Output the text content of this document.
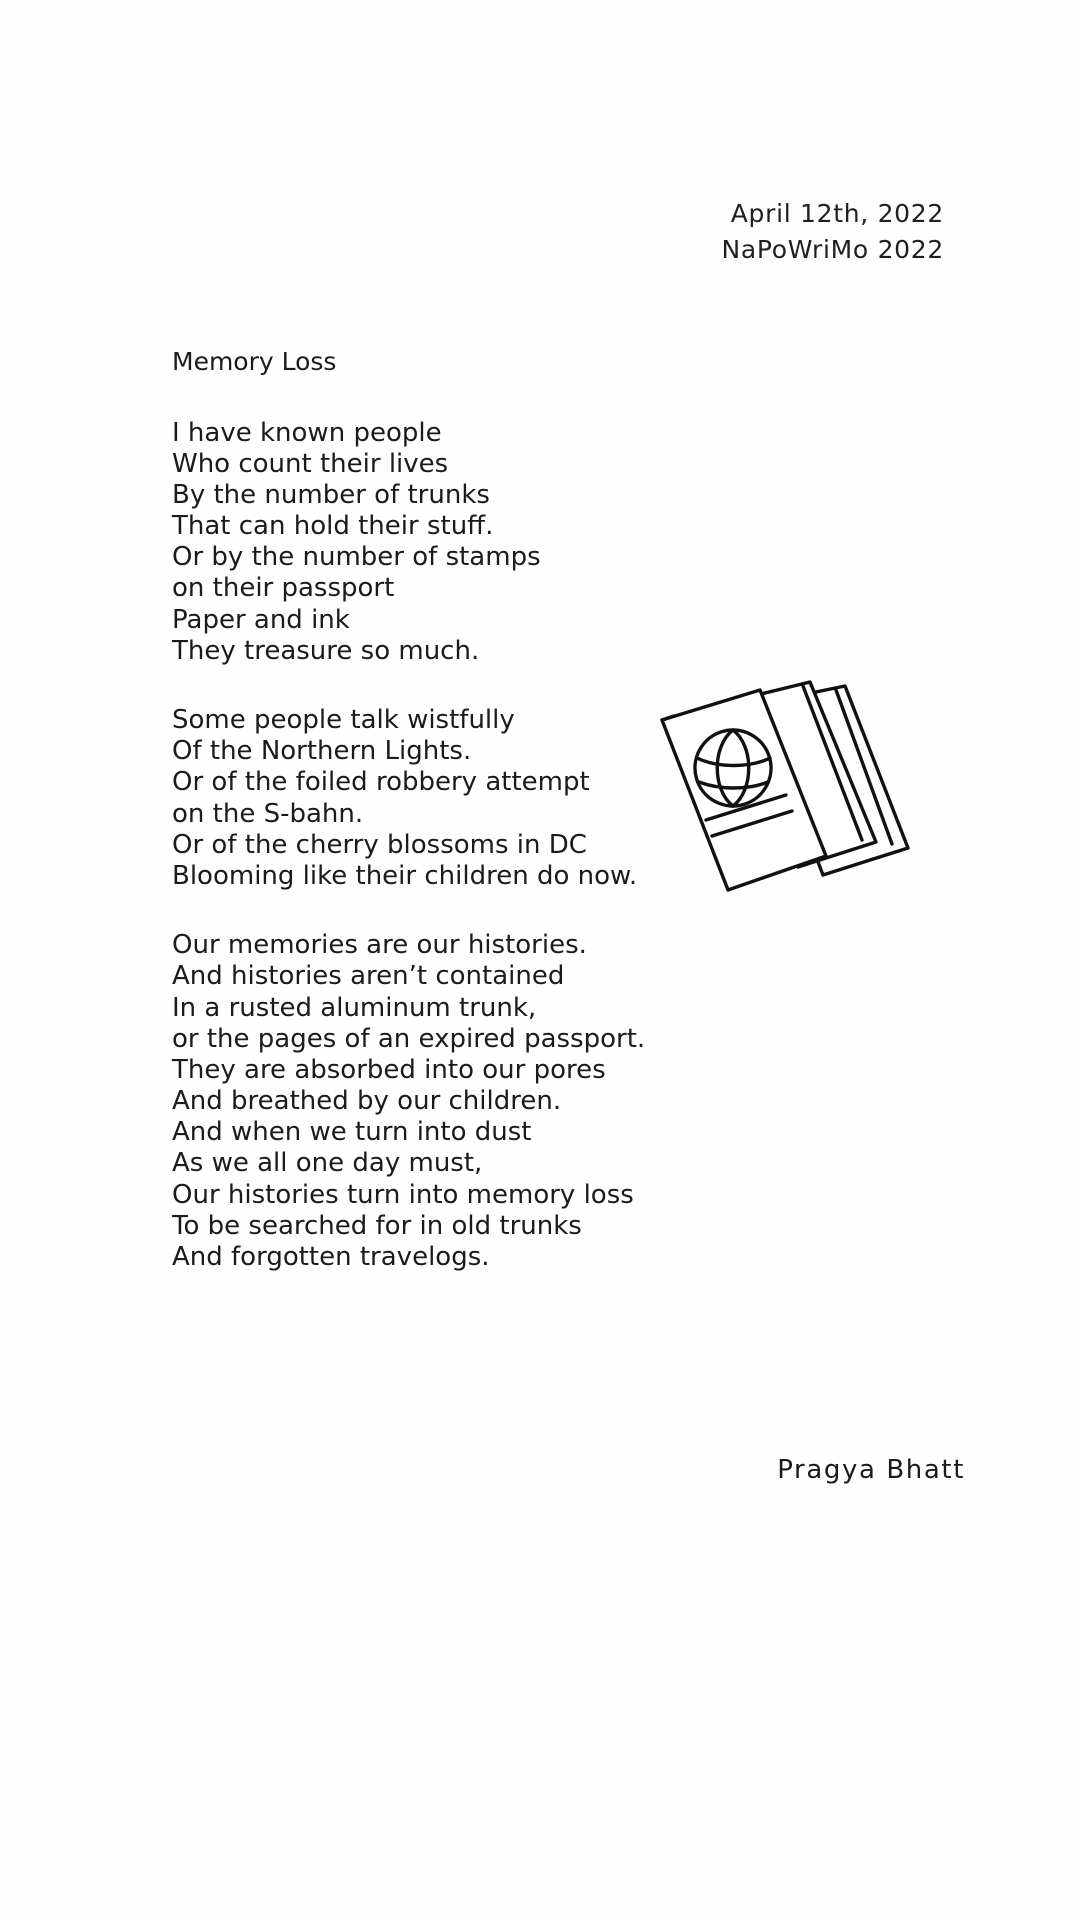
April 12th, 2022
NaPoWriMo 2022
Memory Loss
I have known people
Who count their lives
By the number of trunks
That can hold their stuff.
Or by the number of stamps
on their passport
Paper and ink
They treasure so much.
Some people talk wistfully
Of the Northern Lights.
Or of the foiled robbery attempt
on the S-bahn.
Or of the cherry blossoms in DC
Blooming like their children do now.
Our memories are our histories.
And histories aren’t contained
In a rusted aluminum trunk,
or the pages of an expired passport.
They are absorbed into our pores
And breathed by our children.
And when we turn into dust
As we all one day must,
Our histories turn into memory loss
To be searched for in old trunks
And forgotten travelogs.
Pragya Bhatt
